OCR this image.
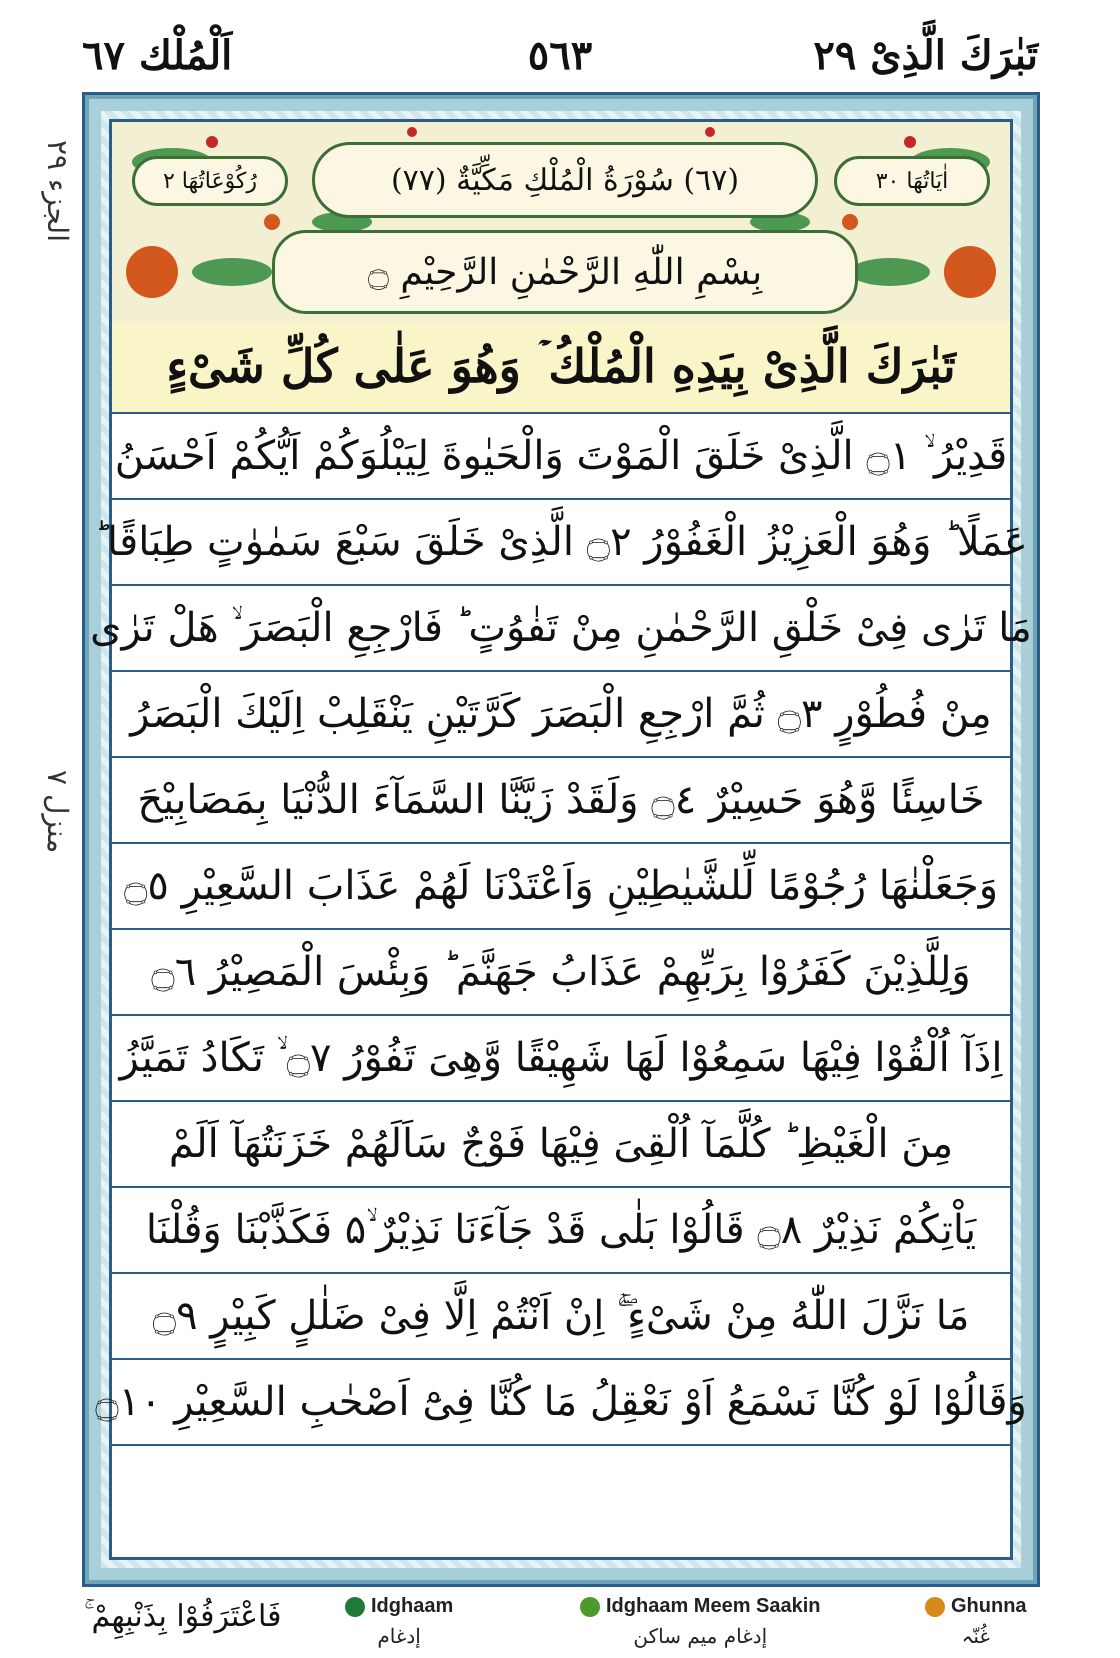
تَبٰرَكَ الَّذِىْ ٢٩
٥٦٣
اَلْمُلْك ٦٧
الجزء ٢٩
منزل ٧
اٰيَاتُهَا ٣٠
(٦٧) سُوْرَةُ الْمُلْكِ مَكِّيَّةٌ (٧٧)
رُكُوْعَاتُهَا ٢
بِسْمِ اللّٰهِ الرَّحْمٰنِ الرَّحِيْمِ ۝
تَبٰرَكَ الَّذِىْ بِيَدِهِ الْمُلْكُ ۡ وَهُوَ عَلٰى كُلِّ شَىْءٍ
قَدِيْرُ ۙ ۝١ الَّذِىْ خَلَقَ الْمَوْتَ وَالْحَيٰوةَ لِيَبْلُوَكُمْ اَيُّكُمْ اَحْسَنُ
عَمَلًا ؕ وَهُوَ الْعَزِيْزُ الْغَفُوْرُ ۝٢ الَّذِىْ خَلَقَ سَبْعَ سَمٰوٰتٍ طِبَاقًا ؕ
مَا تَرٰى فِىْ خَلْقِ الرَّحْمٰنِ مِنْ تَفٰوُتٍ ؕ فَارْجِعِ الْبَصَرَ ۙ هَلْ تَرٰى
مِنْ فُطُوْرٍ ۝٣ ثُمَّ ارْجِعِ الْبَصَرَ كَرَّتَيْنِ يَنْقَلِبْ اِلَيْكَ الْبَصَرُ
خَاسِئًا وَّهُوَ حَسِيْرٌ ۝٤ وَلَقَدْ زَيَّنَّا السَّمَآءَ الدُّنْيَا بِمَصَابِيْحَ
وَجَعَلْنٰهَا رُجُوْمًا لِّلشَّيٰطِيْنِ وَاَعْتَدْنَا لَهُمْ عَذَابَ السَّعِيْرِ ۝٥
وَلِلَّذِيْنَ كَفَرُوْا بِرَبِّهِمْ عَذَابُ جَهَنَّمَ ؕ وَبِئْسَ الْمَصِيْرُ ۝٦
اِذَآ اُلْقُوْا فِيْهَا سَمِعُوْا لَهَا شَهِيْقًا وَّهِىَ تَفُوْرُ ۝٧ ۙ تَكَادُ تَمَيَّزُ
مِنَ الْغَيْظِ ؕ كُلَّمَآ اُلْقِىَ فِيْهَا فَوْجٌ سَاَلَهُمْ خَزَنَتُهَآ اَلَمْ
يَاْتِكُمْ نَذِيْرٌ ۝٨ قَالُوْا بَلٰى قَدْ جَآءَنَا نَذِيْرٌ ۙ۵ فَكَذَّبْنَا وَقُلْنَا
مَا نَزَّلَ اللّٰهُ مِنْ شَىْءٍ ۚۖ اِنْ اَنْتُمْ اِلَّا فِىْ ضَلٰلٍ كَبِيْرٍ ۝٩
وَقَالُوْا لَوْ كُنَّا نَسْمَعُ اَوْ نَعْقِلُ مَا كُنَّا فِىْٓ اَصْحٰبِ السَّعِيْرِ ۝١٠
فَاعْتَرَفُوْا بِذَنْبِهِمْ ۚ	Idghaam
إدغام
Idghaam Meem Saakin
إدغام میم ساکن
Ghunna
غُنّہ
